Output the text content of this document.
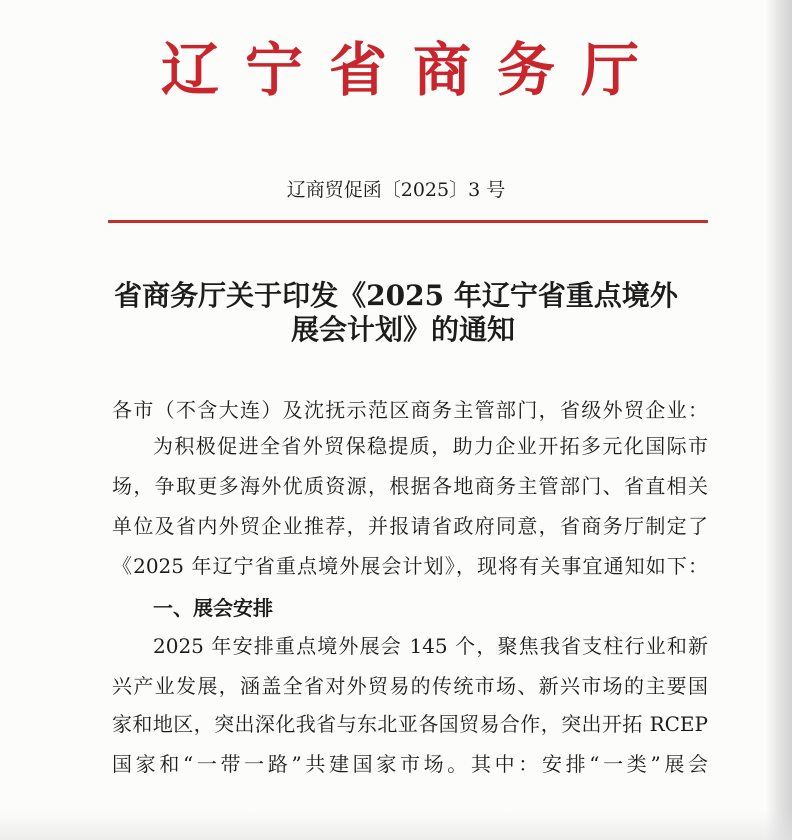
辽宁省商务厅
辽商贸促函〔2025〕3 号
省商务厅关于印发《2025 年辽宁省重点境外
展会计划》的通知
各市（不含大连）及沈抚示范区商务主管部门，省级外贸企业：
为积极促进全省外贸保稳提质，助力企业开拓多元化国际市
场，争取更多海外优质资源，根据各地商务主管部门、省直相关
单位及省内外贸企业推荐，并报请省政府同意，省商务厅制定了
《2025 年辽宁省重点境外展会计划》，现将有关事宜通知如下：
一、展会安排
2025 年安排重点境外展会 145 个，聚焦我省支柱行业和新
兴产业发展，涵盖全省对外贸易的传统市场、新兴市场的主要国
家和地区，突出深化我省与东北亚各国贸易合作，突出开拓 RCEP
国家和“一带一路”共建国家市场。其中：安排“一类”展会
